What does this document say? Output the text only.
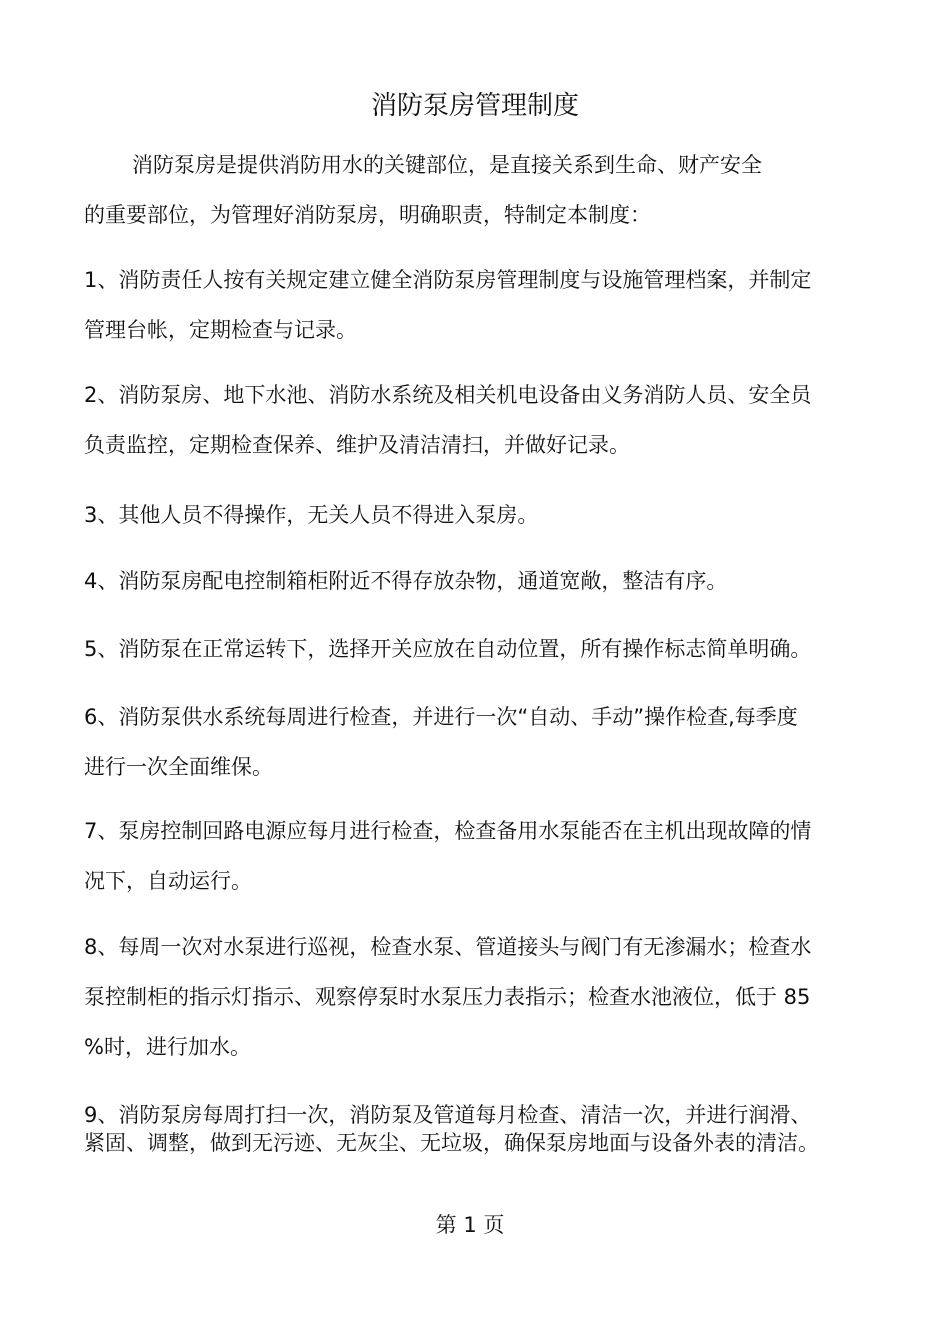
消防泵房管理制度
消防泵房是提供消防用水的关键部位，是直接关系到生命、财产安全
的重要部位，为管理好消防泵房，明确职责，特制定本制度：
1、消防责任人按有关规定建立健全消防泵房管理制度与设施管理档案，并制定
管理台帐，定期检查与记录。
2、消防泵房、地下水池、消防水系统及相关机电设备由义务消防人员、安全员
负责监控，定期检查保养、维护及清洁清扫，并做好记录。
3、其他人员不得操作，无关人员不得进入泵房。
4、消防泵房配电控制箱柜附近不得存放杂物，通道宽敞，整洁有序。
5、消防泵在正常运转下，选择开关应放在自动位置，所有操作标志简单明确。
6、消防泵供水系统每周进行检查，并进行一次“自动、手动”操作检查,每季度
进行一次全面维保。
7、泵房控制回路电源应每月进行检查，检查备用水泵能否在主机出现故障的情
况下，自动运行。
8、每周一次对水泵进行巡视，检查水泵、管道接头与阀门有无渗漏水；检查水
泵控制柜的指示灯指示、观察停泵时水泵压力表指示；检查水池液位，低于 85
%时，进行加水。
9、消防泵房每周打扫一次，消防泵及管道每月检查、清洁一次，并进行润滑、
紧固、调整，做到无污迹、无灰尘、无垃圾，确保泵房地面与设备外表的清洁。
第 1 页
